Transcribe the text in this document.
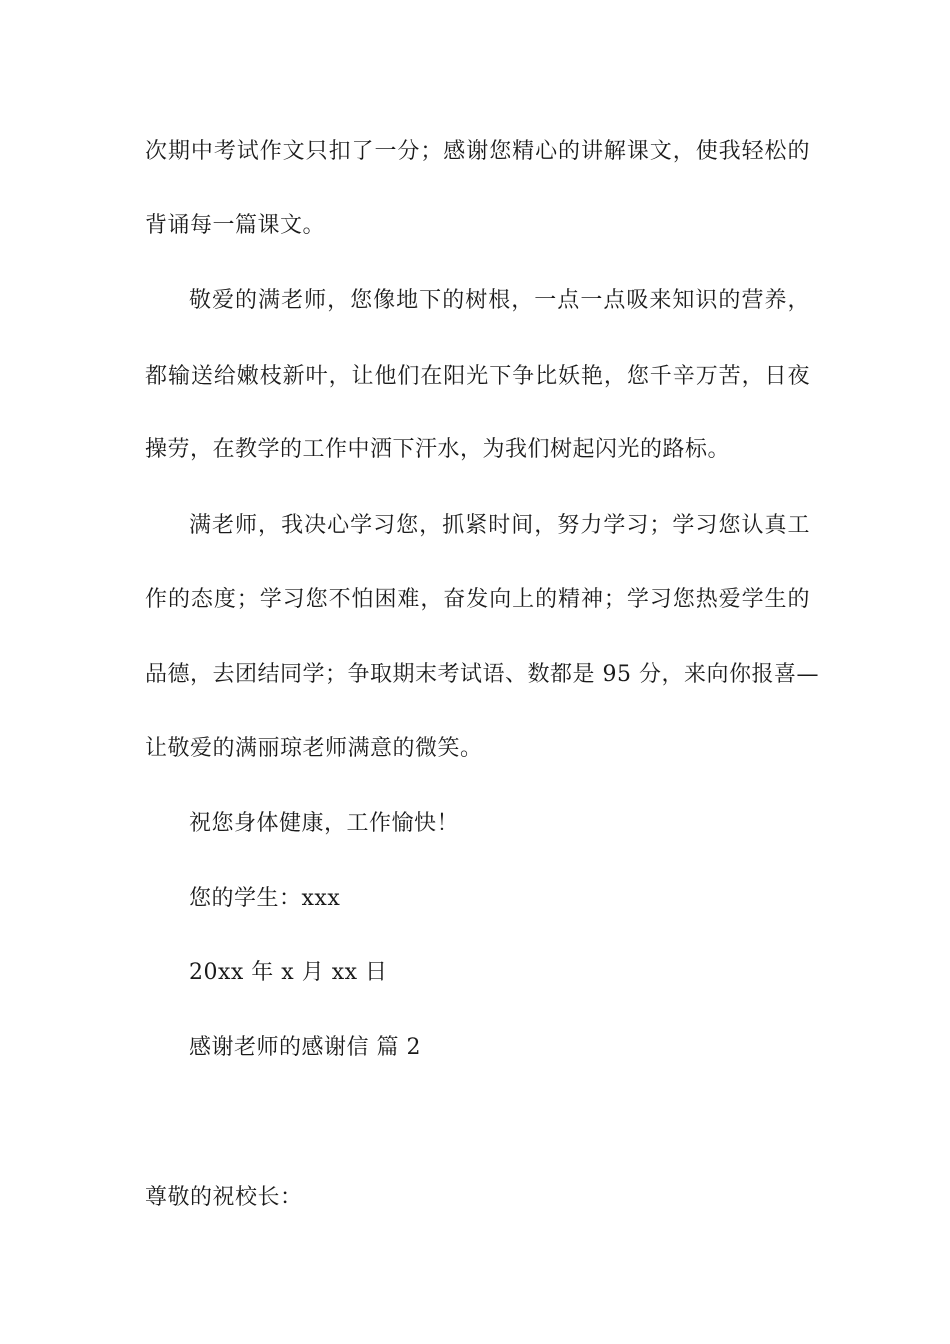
次期中考试作文只扣了一分；感谢您精心的讲解课文，使我轻松的
背诵每一篇课文。
敬爱的满老师，您像地下的树根，一点一点吸来知识的营养，
都输送给嫩枝新叶，让他们在阳光下争比妖艳，您千辛万苦，日夜
操劳，在教学的工作中洒下汗水，为我们树起闪光的路标。
满老师，我决心学习您，抓紧时间，努力学习；学习您认真工
作的态度；学习您不怕困难，奋发向上的精神；学习您热爱学生的
品德，去团结同学；争取期末考试语、数都是 95 分，来向你报喜—
让敬爱的满丽琼老师满意的微笑。
祝您身体健康，工作愉快！
您的学生：xxx
20xx 年 x 月 xx 日
感谢老师的感谢信 篇 2
尊敬的祝校长：
